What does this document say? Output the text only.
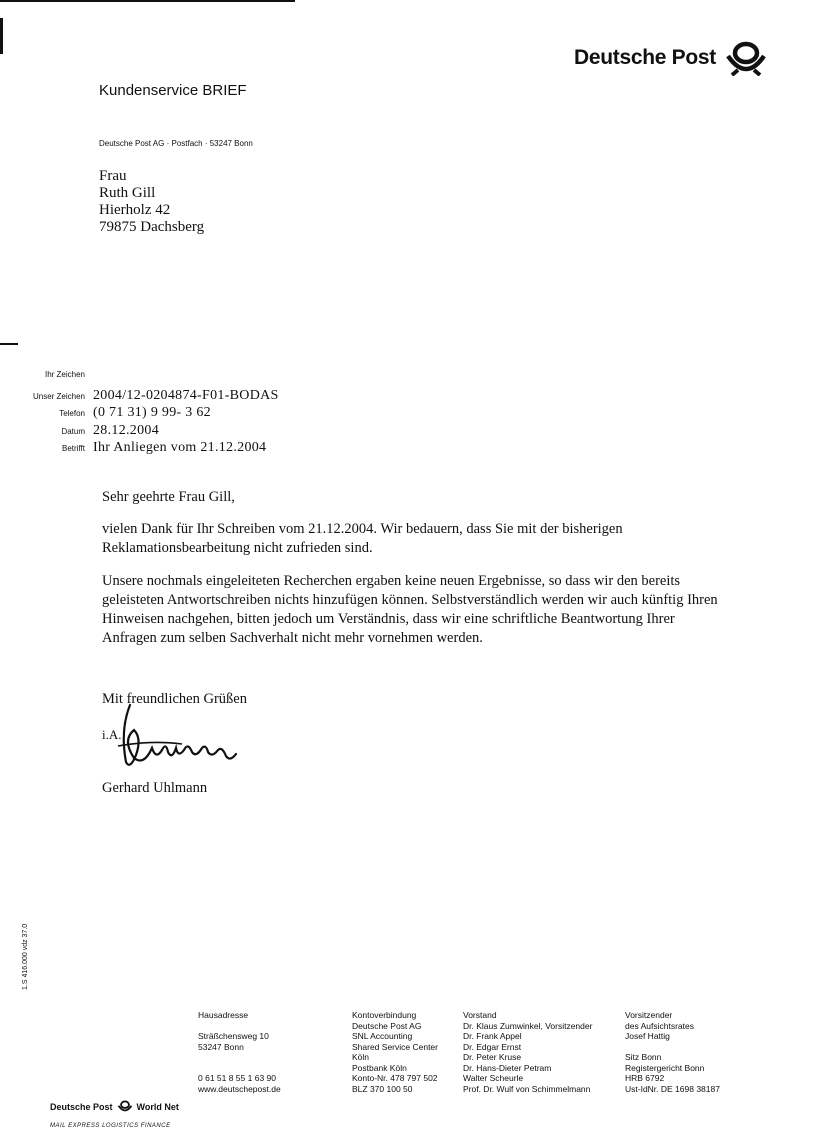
Deutsche Post
Kundenservice BRIEF
Deutsche Post AG · Postfach · 53247 Bonn
Frau
Ruth Gill
Hierholz 42
79875 Dachsberg
Ihr Zeichen
Unser Zeichen 2004/12-0204874-F01-BODAS
Telefon (0 71 31) 9 99- 3 62
Datum 28.12.2004
Betrifft Ihr Anliegen vom 21.12.2004
Sehr geehrte Frau Gill,
vielen Dank für Ihr Schreiben vom 21.12.2004. Wir bedauern, dass Sie mit der bisherigen Reklamationsbearbeitung nicht zufrieden sind.
Unsere nochmals eingeleiteten Recherchen ergaben keine neuen Ergebnisse, so dass wir den bereits geleisteten Antwortschreiben nichts hinzufügen können. Selbstverständlich werden wir auch künftig Ihren Hinweisen nachgehen, bitten jedoch um Verständnis, dass wir eine schriftliche Beantwortung Ihrer Anfragen zum selben Sachverhalt nicht mehr vornehmen werden.
Mit freundlichen Grüßen
i.A.
Gerhard Uhlmann
1.S 416.000 vdz 37.0
Hausadresse

Sträßchensweg 10
53247 Bonn

0 61 51 8 55 1 63 90
www.deutschepost.de
Kontoverbindung
Deutsche Post AG
SNL Accounting
Shared Service Center
Köln
Postbank Köln
Konto-Nr. 478 797 502
BLZ 370 100 50
Vorstand
Dr. Klaus Zumwinkel, Vorsitzender
Dr. Frank Appel
Dr. Edgar Ernst
Dr. Peter Kruse
Dr. Hans-Dieter Petram
Walter Scheurle
Prof. Dr. Wulf von Schimmelmann
Vorsitzender
des Aufsichtsrates
Josef Hattig

Sitz Bonn
Registergericht Bonn
HRB 6792
Ust-IdNr. DE 1698 38187
Deutsche Post	World Net
MAIL EXPRESS LOGISTICS FINANCE
